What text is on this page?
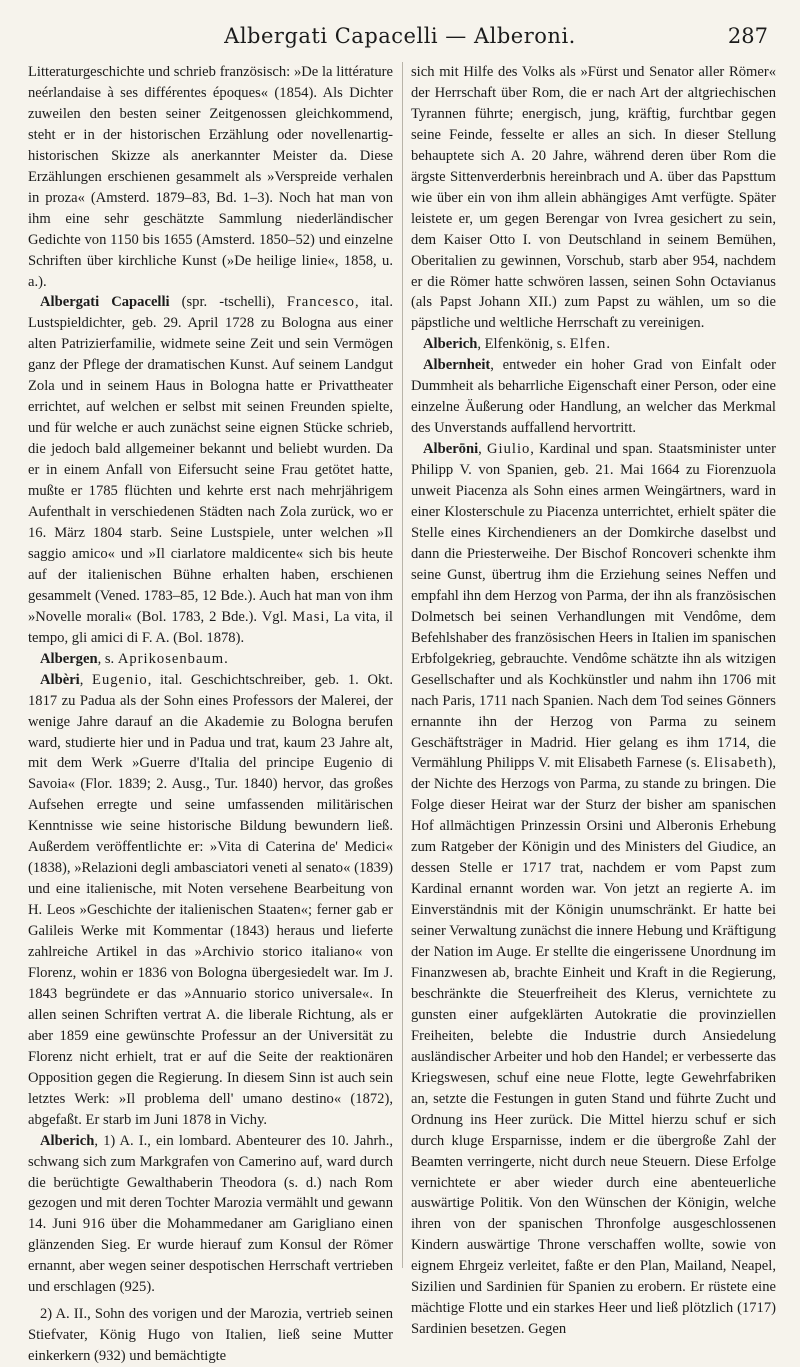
Albergati Capacelli — Alberoni.	287

Litteraturgeschichte und schrieb französisch: »De la littérature neérlandaise à ses différentes époques« (1854). Als Dichter zuweilen den besten seiner Zeitgenossen gleichkommend, steht er in der historischen Erzählung oder novellenartig-historischen Skizze als anerkannter Meister da. Diese Erzählungen erschienen gesammelt als »Verspreide verhalen in proza« (Amsterd. 1879–83, Bd. 1–3). Noch hat man von ihm eine sehr geschätzte Sammlung niederländischer Gedichte von 1150 bis 1655 (Amsterd. 1850–52) und einzelne Schriften über kirchliche Kunst (»De heilige linie«, 1858, u. a.).

Albergati Capacelli (spr. -tschelli), Francesco, ital. Lustspieldichter, geb. 29. April 1728 zu Bologna aus einer alten Patrizierfamilie, widmete seine Zeit und sein Vermögen ganz der Pflege der dramatischen Kunst. Auf seinem Landgut Zola und in seinem Haus in Bologna hatte er Privattheater errichtet, auf welchen er selbst mit seinen Freunden spielte, und für welche er auch zunächst seine eignen Stücke schrieb, die jedoch bald allgemeiner bekannt und beliebt wurden. Da er in einem Anfall von Eifersucht seine Frau getötet hatte, mußte er 1785 flüchten und kehrte erst nach mehrjährigem Aufenthalt in verschiedenen Städten nach Zola zurück, wo er 16. März 1804 starb. Seine Lustspiele, unter welchen »Il saggio amico« und »Il ciarlatore maldicente« sich bis heute auf der italienischen Bühne erhalten haben, erschienen gesammelt (Vened. 1783–85, 12 Bde.). Auch hat man von ihm »Novelle morali« (Bol. 1783, 2 Bde.). Vgl. Masi, La vita, il tempo, gli amici di F. A. (Bol. 1878).

Albergen, s. Aprikosenbaum.

Albèri, Eugenio, ital. Geschichtschreiber, geb. 1. Okt. 1817 zu Padua als der Sohn eines Professors der Malerei, der wenige Jahre darauf an die Akademie zu Bologna berufen ward, studierte hier und in Padua und trat, kaum 23 Jahre alt, mit dem Werk »Guerre d'Italia del principe Eugenio di Savoia« (Flor. 1839; 2. Ausg., Tur. 1840) hervor, das großes Aufsehen erregte und seine umfassenden militärischen Kenntnisse wie seine historische Bildung bewundern ließ. Außerdem veröffentlichte er: »Vita di Caterina de' Medici« (1838), »Relazioni degli ambasciatori veneti al senato« (1839) und eine italienische, mit Noten versehene Bearbeitung von H. Leos »Geschichte der italienischen Staaten«; ferner gab er Galileis Werke mit Kommentar (1843) heraus und lieferte zahlreiche Artikel in das »Archivio storico italiano« von Florenz, wohin er 1836 von Bologna übergesiedelt war. Im J. 1843 begründete er das »Annuario storico universale«. In allen seinen Schriften vertrat A. die liberale Richtung, als er aber 1859 eine gewünschte Professur an der Universität zu Florenz nicht erhielt, trat er auf die Seite der reaktionären Opposition gegen die Regierung. In diesem Sinn ist auch sein letztes Werk: »Il problema dell' umano destino« (1872), abgefaßt. Er starb im Juni 1878 in Vichy.

Alberich, 1) A. I., ein lombard. Abenteurer des 10. Jahrh., schwang sich zum Markgrafen von Camerino auf, ward durch die berüchtigte Gewalthaberin Theodora (s. d.) nach Rom gezogen und mit deren Tochter Marozia vermählt und gewann 14. Juni 916 über die Mohammedaner am Garigliano einen glänzenden Sieg. Er wurde hierauf zum Konsul der Römer ernannt, aber wegen seiner despotischen Herrschaft vertrieben und erschlagen (925).

2) A. II., Sohn des vorigen und der Marozia, vertrieb seinen Stiefvater, König Hugo von Italien, ließ seine Mutter einkerkern (932) und bemächtigte

sich mit Hilfe des Volks als »Fürst und Senator aller Römer« der Herrschaft über Rom, die er nach Art der altgriechischen Tyrannen führte; energisch, jung, kräftig, furchtbar gegen seine Feinde, fesselte er alles an sich. In dieser Stellung behauptete sich A. 20 Jahre, während deren über Rom die ärgste Sittenverderbnis hereinbrach und A. über das Papsttum wie über ein von ihm allein abhängiges Amt verfügte. Später leistete er, um gegen Berengar von Ivrea gesichert zu sein, dem Kaiser Otto I. von Deutschland in seinem Bemühen, Oberitalien zu gewinnen, Vorschub, starb aber 954, nachdem er die Römer hatte schwören lassen, seinen Sohn Octavianus (als Papst Johann XII.) zum Papst zu wählen, um so die päpstliche und weltliche Herrschaft zu vereinigen.

Alberich, Elfenkönig, s. Elfen.

Albernheit, entweder ein hoher Grad von Einfalt oder Dummheit als beharrliche Eigenschaft einer Person, oder eine einzelne Äußerung oder Handlung, an welcher das Merkmal des Unverstands auffallend hervortritt.

Alberōni, Giulio, Kardinal und span. Staatsminister unter Philipp V. von Spanien, geb. 21. Mai 1664 zu Fiorenzuola unweit Piacenza als Sohn eines armen Weingärtners, ward in einer Klosterschule zu Piacenza unterrichtet, erhielt später die Stelle eines Kirchendieners an der Domkirche daselbst und dann die Priesterweihe. Der Bischof Roncoveri schenkte ihm seine Gunst, übertrug ihm die Erziehung seines Neffen und empfahl ihn dem Herzog von Parma, der ihn als französischen Dolmetsch bei seinen Verhandlungen mit Vendôme, dem Befehlshaber des französischen Heers in Italien im spanischen Erbfolgekrieg, gebrauchte. Vendôme schätzte ihn als witzigen Gesellschafter und als Kochkünstler und nahm ihn 1706 mit nach Paris, 1711 nach Spanien. Nach dem Tod seines Gönners ernannte ihn der Herzog von Parma zu seinem Geschäftsträger in Madrid. Hier gelang es ihm 1714, die Vermählung Philipps V. mit Elisabeth Farnese (s. Elisabeth), der Nichte des Herzogs von Parma, zu stande zu bringen. Die Folge dieser Heirat war der Sturz der bisher am spanischen Hof allmächtigen Prinzessin Orsini und Alberonis Erhebung zum Ratgeber der Königin und des Ministers del Giudice, an dessen Stelle er 1717 trat, nachdem er vom Papst zum Kardinal ernannt worden war. Von jetzt an regierte A. im Einverständnis mit der Königin unumschränkt. Er hatte bei seiner Verwaltung zunächst die innere Hebung und Kräftigung der Nation im Auge. Er stellte die eingerissene Unordnung im Finanzwesen ab, brachte Einheit und Kraft in die Regierung, beschränkte die Steuerfreiheit des Klerus, vernichtete zu gunsten einer aufgeklärten Autokratie die provinziellen Freiheiten, belebte die Industrie durch Ansiedelung ausländischer Arbeiter und hob den Handel; er verbesserte das Kriegswesen, schuf eine neue Flotte, legte Gewehrfabriken an, setzte die Festungen in guten Stand und führte Zucht und Ordnung ins Heer zurück. Die Mittel hierzu schuf er sich durch kluge Ersparnisse, indem er die übergroße Zahl der Beamten verringerte, nicht durch neue Steuern. Diese Erfolge vernichtete er aber wieder durch eine abenteuerliche auswärtige Politik. Von den Wünschen der Königin, welche ihren von der spanischen Thronfolge ausgeschlossenen Kindern auswärtige Throne verschaffen wollte, sowie von eignem Ehrgeiz verleitet, faßte er den Plan, Mailand, Neapel, Sizilien und Sardinien für Spanien zu erobern. Er rüstete eine mächtige Flotte und ein starkes Heer und ließ plötzlich (1717) Sardinien besetzen. Gegen
